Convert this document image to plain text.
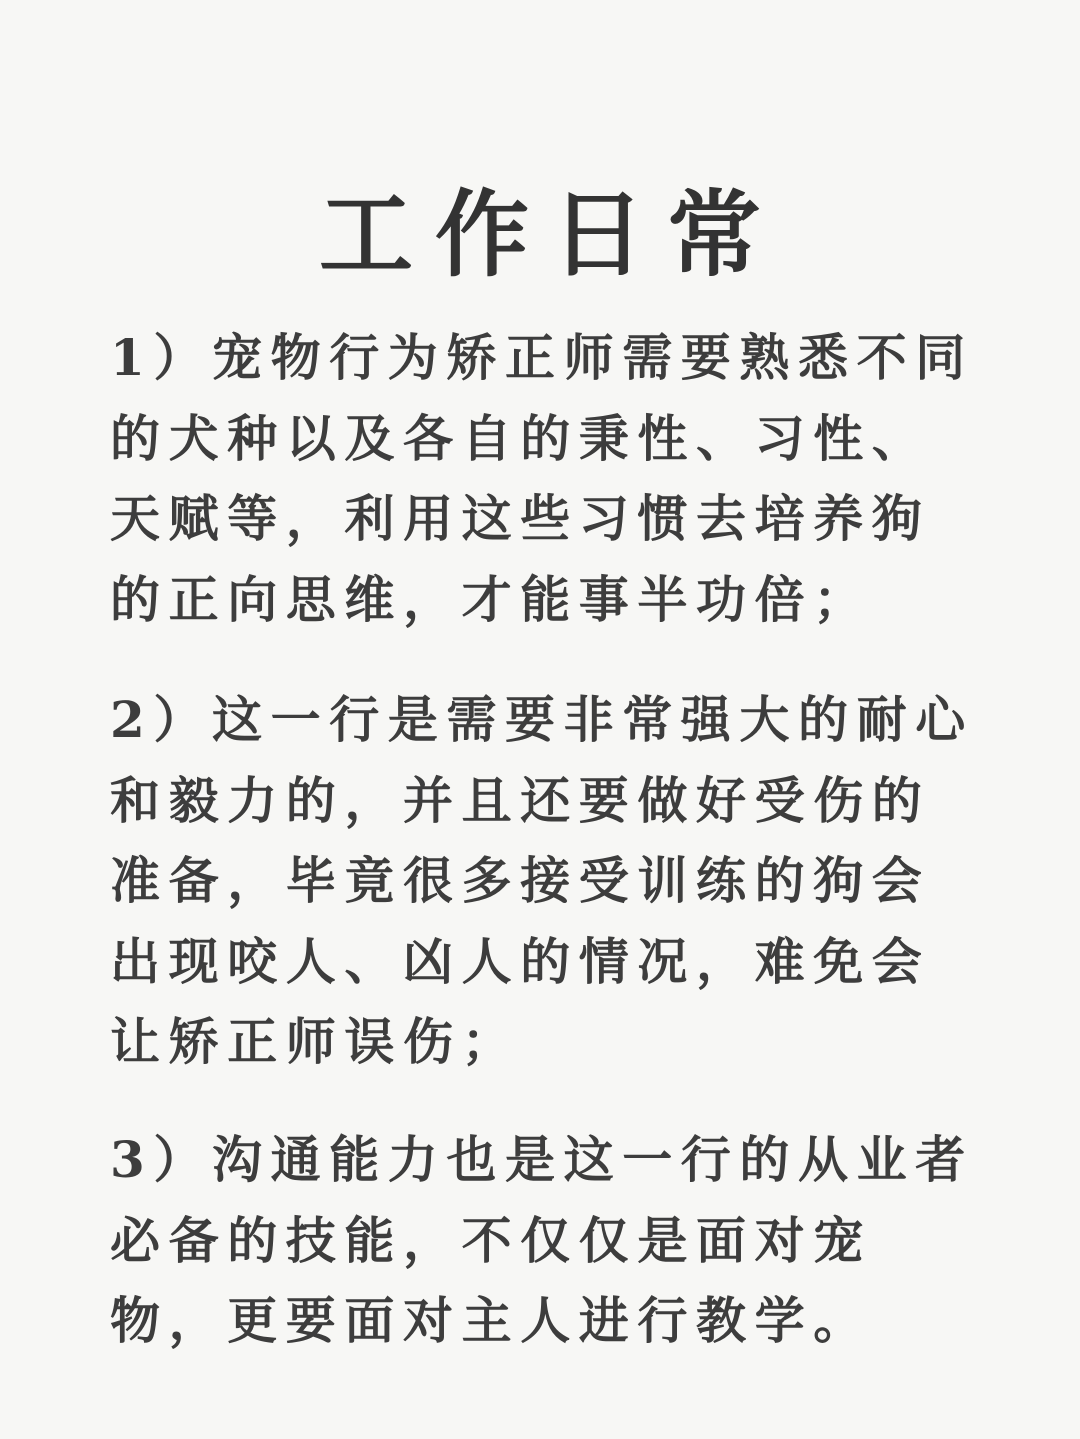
工作日常

1）宠物行为矫正师需要熟悉不同的犬种以及各自的秉性、习性、天赋等，利用这些习惯去培养狗的正向思维，才能事半功倍；

2）这一行是需要非常强大的耐心和毅力的，并且还要做好受伤的准备，毕竟很多接受训练的狗会出现咬人、凶人的情况，难免会让矫正师误伤；

3）沟通能力也是这一行的从业者必备的技能，不仅仅是面对宠物，更要面对主人进行教学。
